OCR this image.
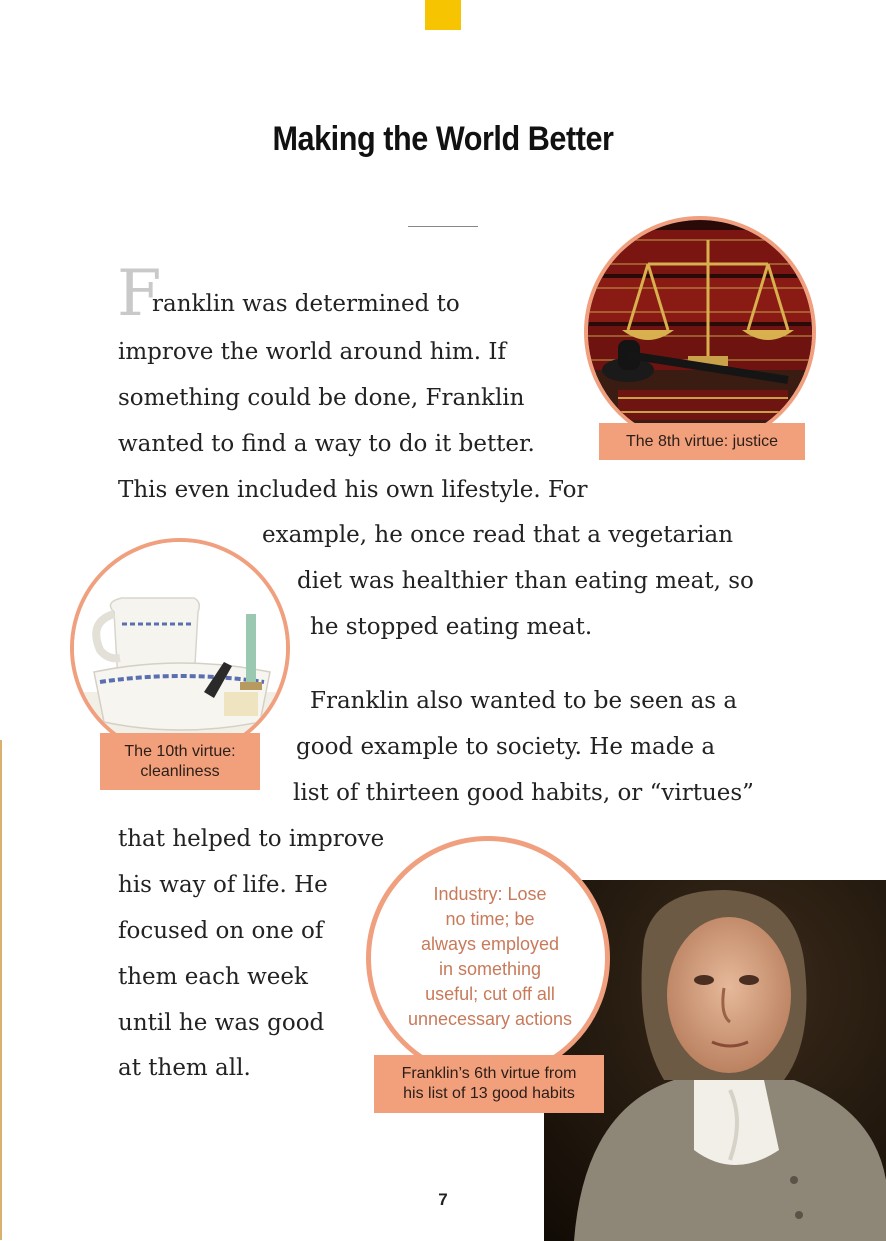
Making the World Better
The 8th virtue: justice
The 10th virtue:
cleanliness
Industry: Lose
no time; be
always employed
in something
useful; cut off all
unnecessary actions
Franklin’s 6th virtue from
his list of 13 good habits
F
ranklin was determined to
improve the world around him. If
something could be done, Franklin
wanted to find a way to do it better.
This even included his own lifestyle. For
example, he once read that a vegetarian
diet was healthier than eating meat, so
he stopped eating meat.
Franklin also wanted to be seen as a
good example to society. He made a
list of thirteen good habits, or “virtues”
that helped to improve
his way of life. He
focused on one of
them each week
until he was good
at them all.
7
